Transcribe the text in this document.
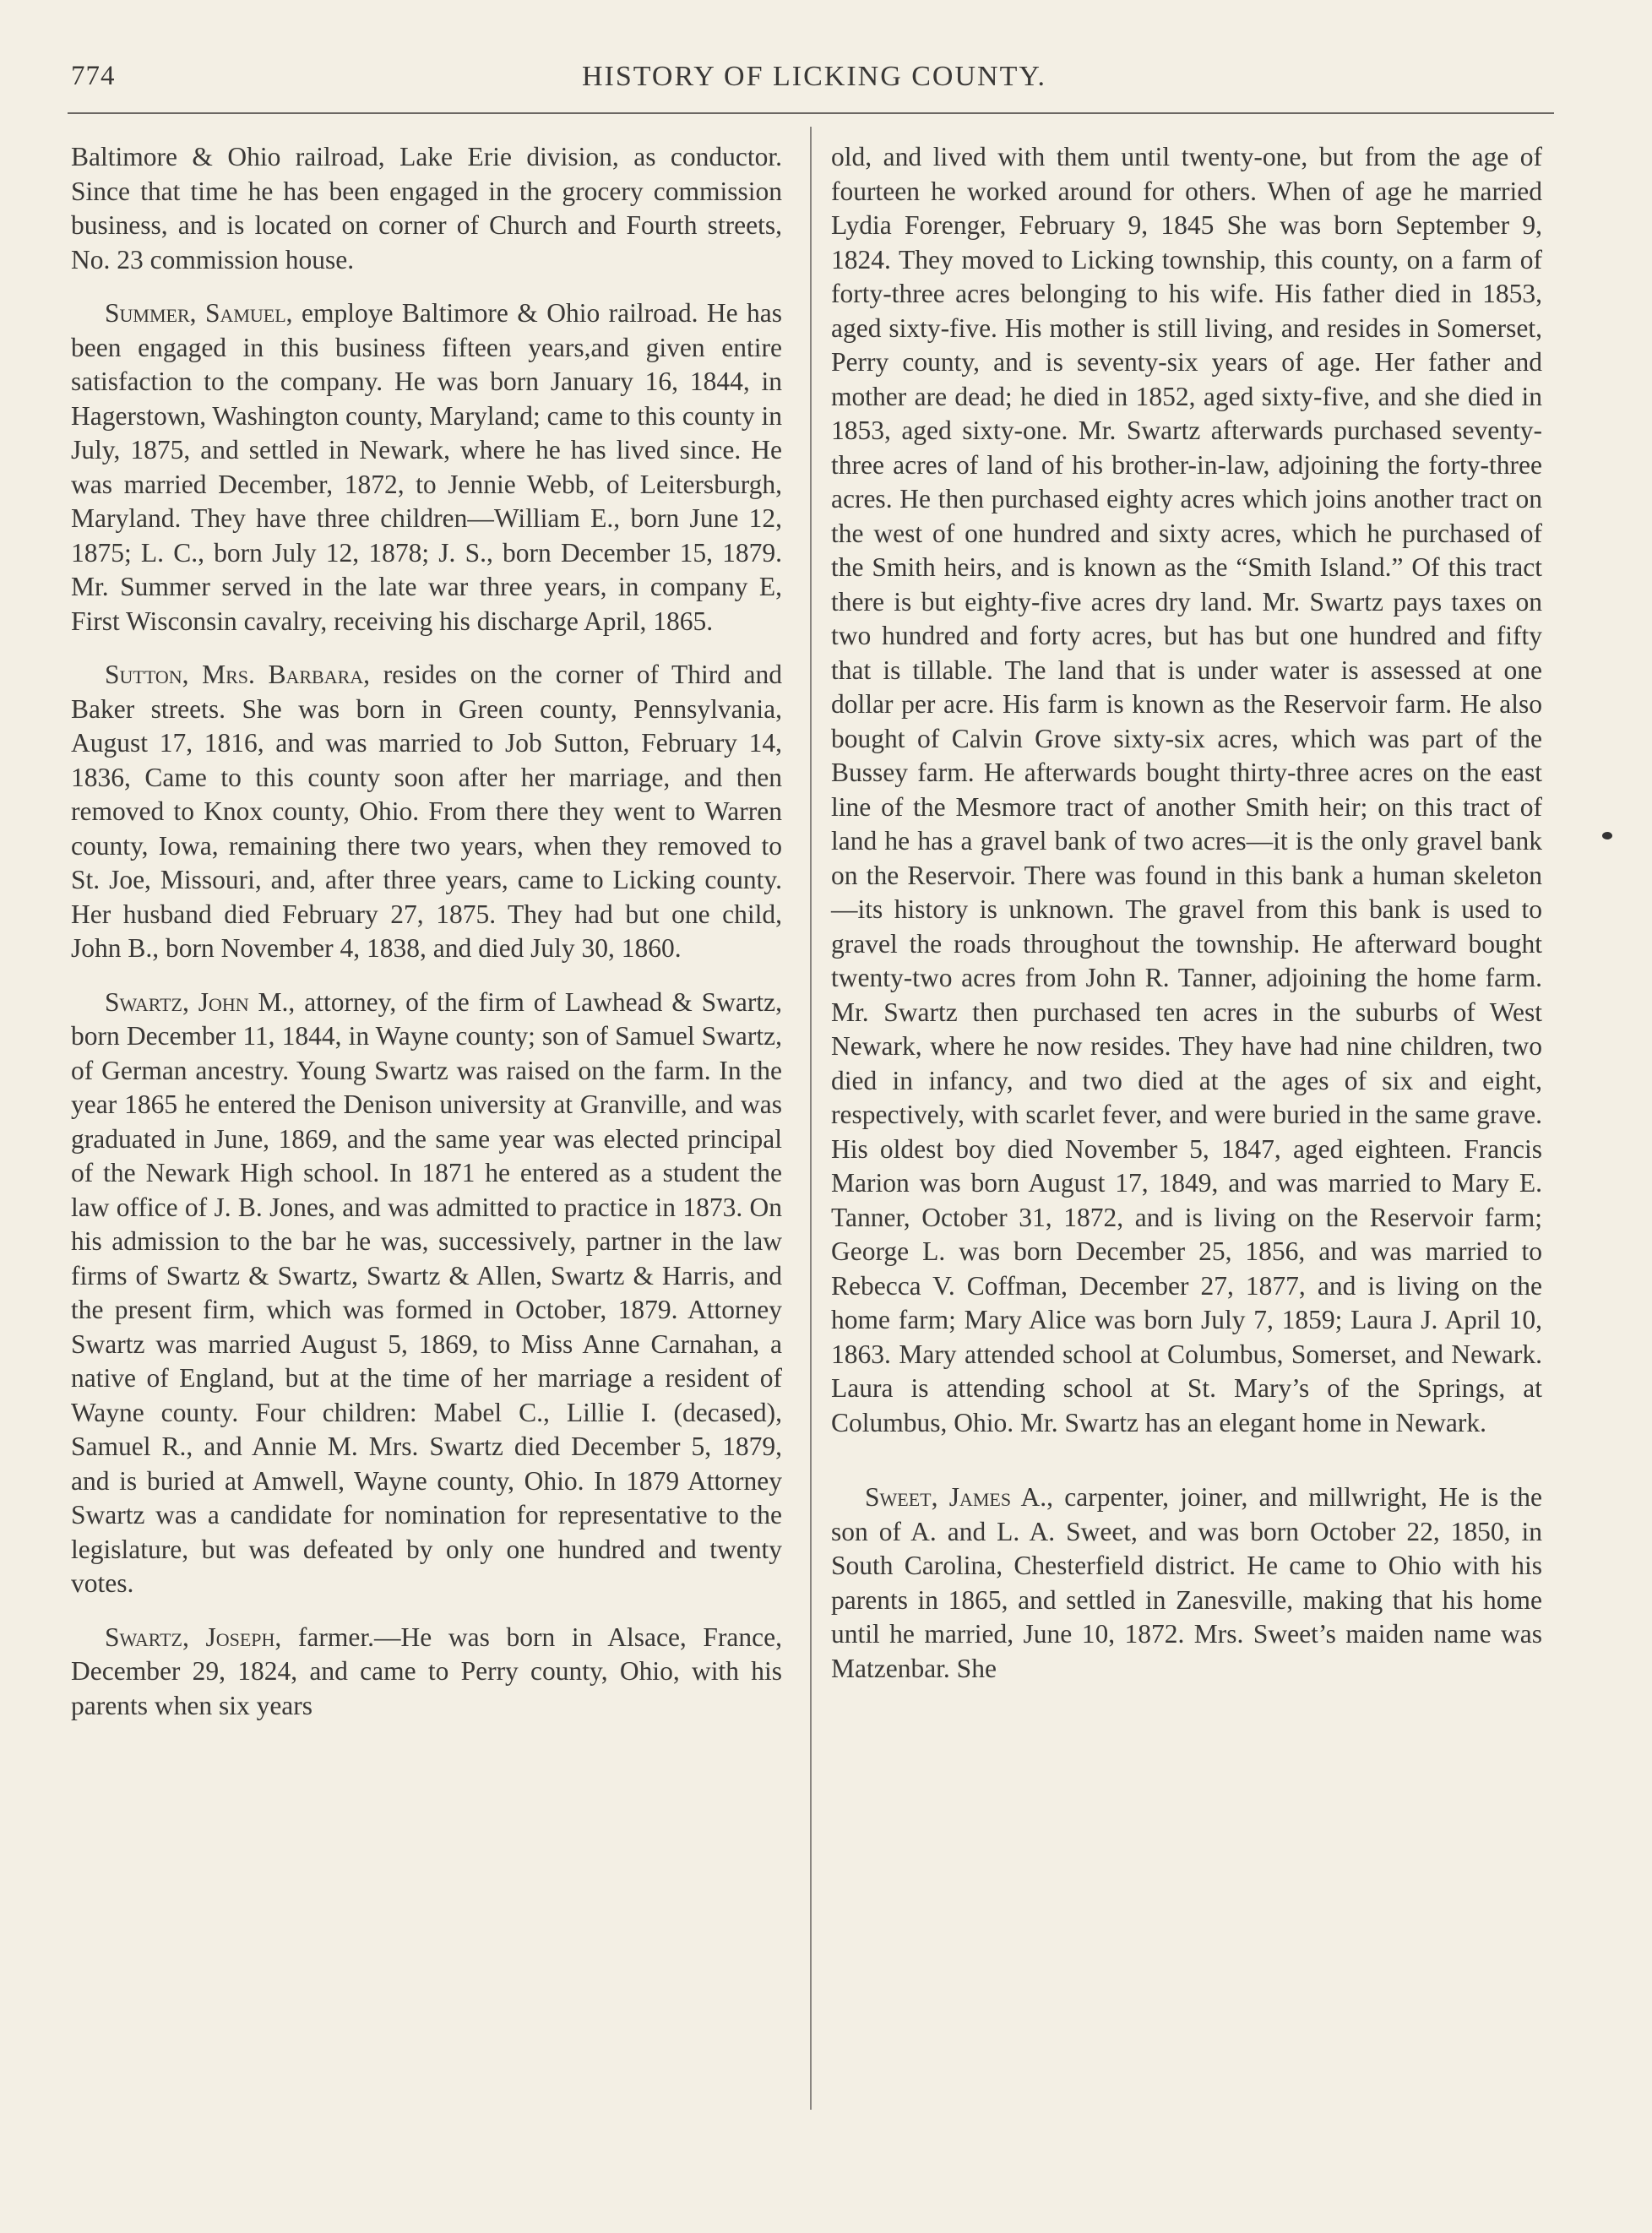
774	HISTORY OF LICKING COUNTY.

Baltimore & Ohio railroad, Lake Erie division, as conductor. Since that time he has been engaged in the grocery commission business, and is located on corner of Church and Fourth streets, No. 23 commission house.

Summer, Samuel, employe Baltimore & Ohio railroad. He has been engaged in this business fifteen years,and given entire satisfaction to the company. He was born January 16, 1844, in Hagerstown, Washington county, Maryland; came to this county in July, 1875, and settled in Newark, where he has lived since. He was married December, 1872, to Jennie Webb, of Leitersburgh, Maryland. They have three children—William E., born June 12, 1875; L. C., born July 12, 1878; J. S., born December 15, 1879. Mr. Summer served in the late war three years, in company E, First Wisconsin cavalry, receiving his discharge April, 1865.

Sutton, Mrs. Barbara, resides on the corner of Third and Baker streets. She was born in Green county, Pennsylvania, August 17, 1816, and was married to Job Sutton, February 14, 1836, Came to this county soon after her marriage, and then removed to Knox county, Ohio. From there they went to Warren county, Iowa, remaining there two years, when they removed to St. Joe, Missouri, and, after three years, came to Licking county. Her husband died February 27, 1875. They had but one child, John B., born November 4, 1838, and died July 30, 1860.

Swartz, John M., attorney, of the firm of Lawhead & Swartz, born December 11, 1844, in Wayne county; son of Samuel Swartz, of German ancestry. Young Swartz was raised on the farm. In the year 1865 he entered the Denison university at Granville, and was graduated in June, 1869, and the same year was elected principal of the Newark High school. In 1871 he entered as a student the law office of J. B. Jones, and was admitted to practice in 1873. On his admission to the bar he was, successively, partner in the law firms of Swartz & Swartz, Swartz & Allen, Swartz & Harris, and the present firm, which was formed in October, 1879. Attorney Swartz was married August 5, 1869, to Miss Anne Carnahan, a native of England, but at the time of her marriage a resident of Wayne county. Four children: Mabel C., Lillie I. (decased), Samuel R., and Annie M. Mrs. Swartz died December 5, 1879, and is buried at Amwell, Wayne county, Ohio. In 1879 Attorney Swartz was a candidate for nomination for representative to the legislature, but was defeated by only one hundred and twenty votes.

Swartz, Joseph, farmer.—He was born in Alsace, France, December 29, 1824, and came to Perry county, Ohio, with his parents when six years

old, and lived with them until twenty-one, but from the age of fourteen he worked around for others. When of age he married Lydia Forenger, February 9, 1845 She was born September 9, 1824. They moved to Licking township, this county, on a farm of forty-three acres belonging to his wife. His father died in 1853, aged sixty-five. His mother is still living, and resides in Somerset, Perry county, and is seventy-six years of age. Her father and mother are dead; he died in 1852, aged sixty-five, and she died in 1853, aged sixty-one. Mr. Swartz afterwards purchased seventy-three acres of land of his brother-in-law, adjoining the forty-three acres. He then purchased eighty acres which joins another tract on the west of one hundred and sixty acres, which he purchased of the Smith heirs, and is known as the “Smith Island.” Of this tract there is but eighty-five acres dry land. Mr. Swartz pays taxes on two hundred and forty acres, but has but one hundred and fifty that is tillable. The land that is under water is assessed at one dollar per acre. His farm is known as the Reservoir farm. He also bought of Calvin Grove sixty-six acres, which was part of the Bussey farm. He afterwards bought thirty-three acres on the east line of the Mesmore tract of another Smith heir; on this tract of land he has a gravel bank of two acres—it is the only gravel bank on the Reservoir. There was found in this bank a human skeleton—its history is unknown. The gravel from this bank is used to gravel the roads throughout the township. He afterward bought twenty-two acres from John R. Tanner, adjoining the home farm. Mr. Swartz then purchased ten acres in the suburbs of West Newark, where he now resides. They have had nine children, two died in infancy, and two died at the ages of six and eight, respectively, with scarlet fever, and were buried in the same grave. His oldest boy died November 5, 1847, aged eighteen. Francis Marion was born August 17, 1849, and was married to Mary E. Tanner, October 31, 1872, and is living on the Reservoir farm; George L. was born December 25, 1856, and was married to Rebecca V. Coffman, December 27, 1877, and is living on the home farm; Mary Alice was born July 7, 1859; Laura J. April 10, 1863. Mary attended school at Columbus, Somerset, and Newark. Laura is attending school at St. Mary’s of the Springs, at Columbus, Ohio. Mr. Swartz has an elegant home in Newark.

Sweet, James A., carpenter, joiner, and millwright, He is the son of A. and L. A. Sweet, and was born October 22, 1850, in South Carolina, Chesterfield district. He came to Ohio with his parents in 1865, and settled in Zanesville, making that his home until he married, June 10, 1872. Mrs. Sweet’s maiden name was Matzenbar. She
